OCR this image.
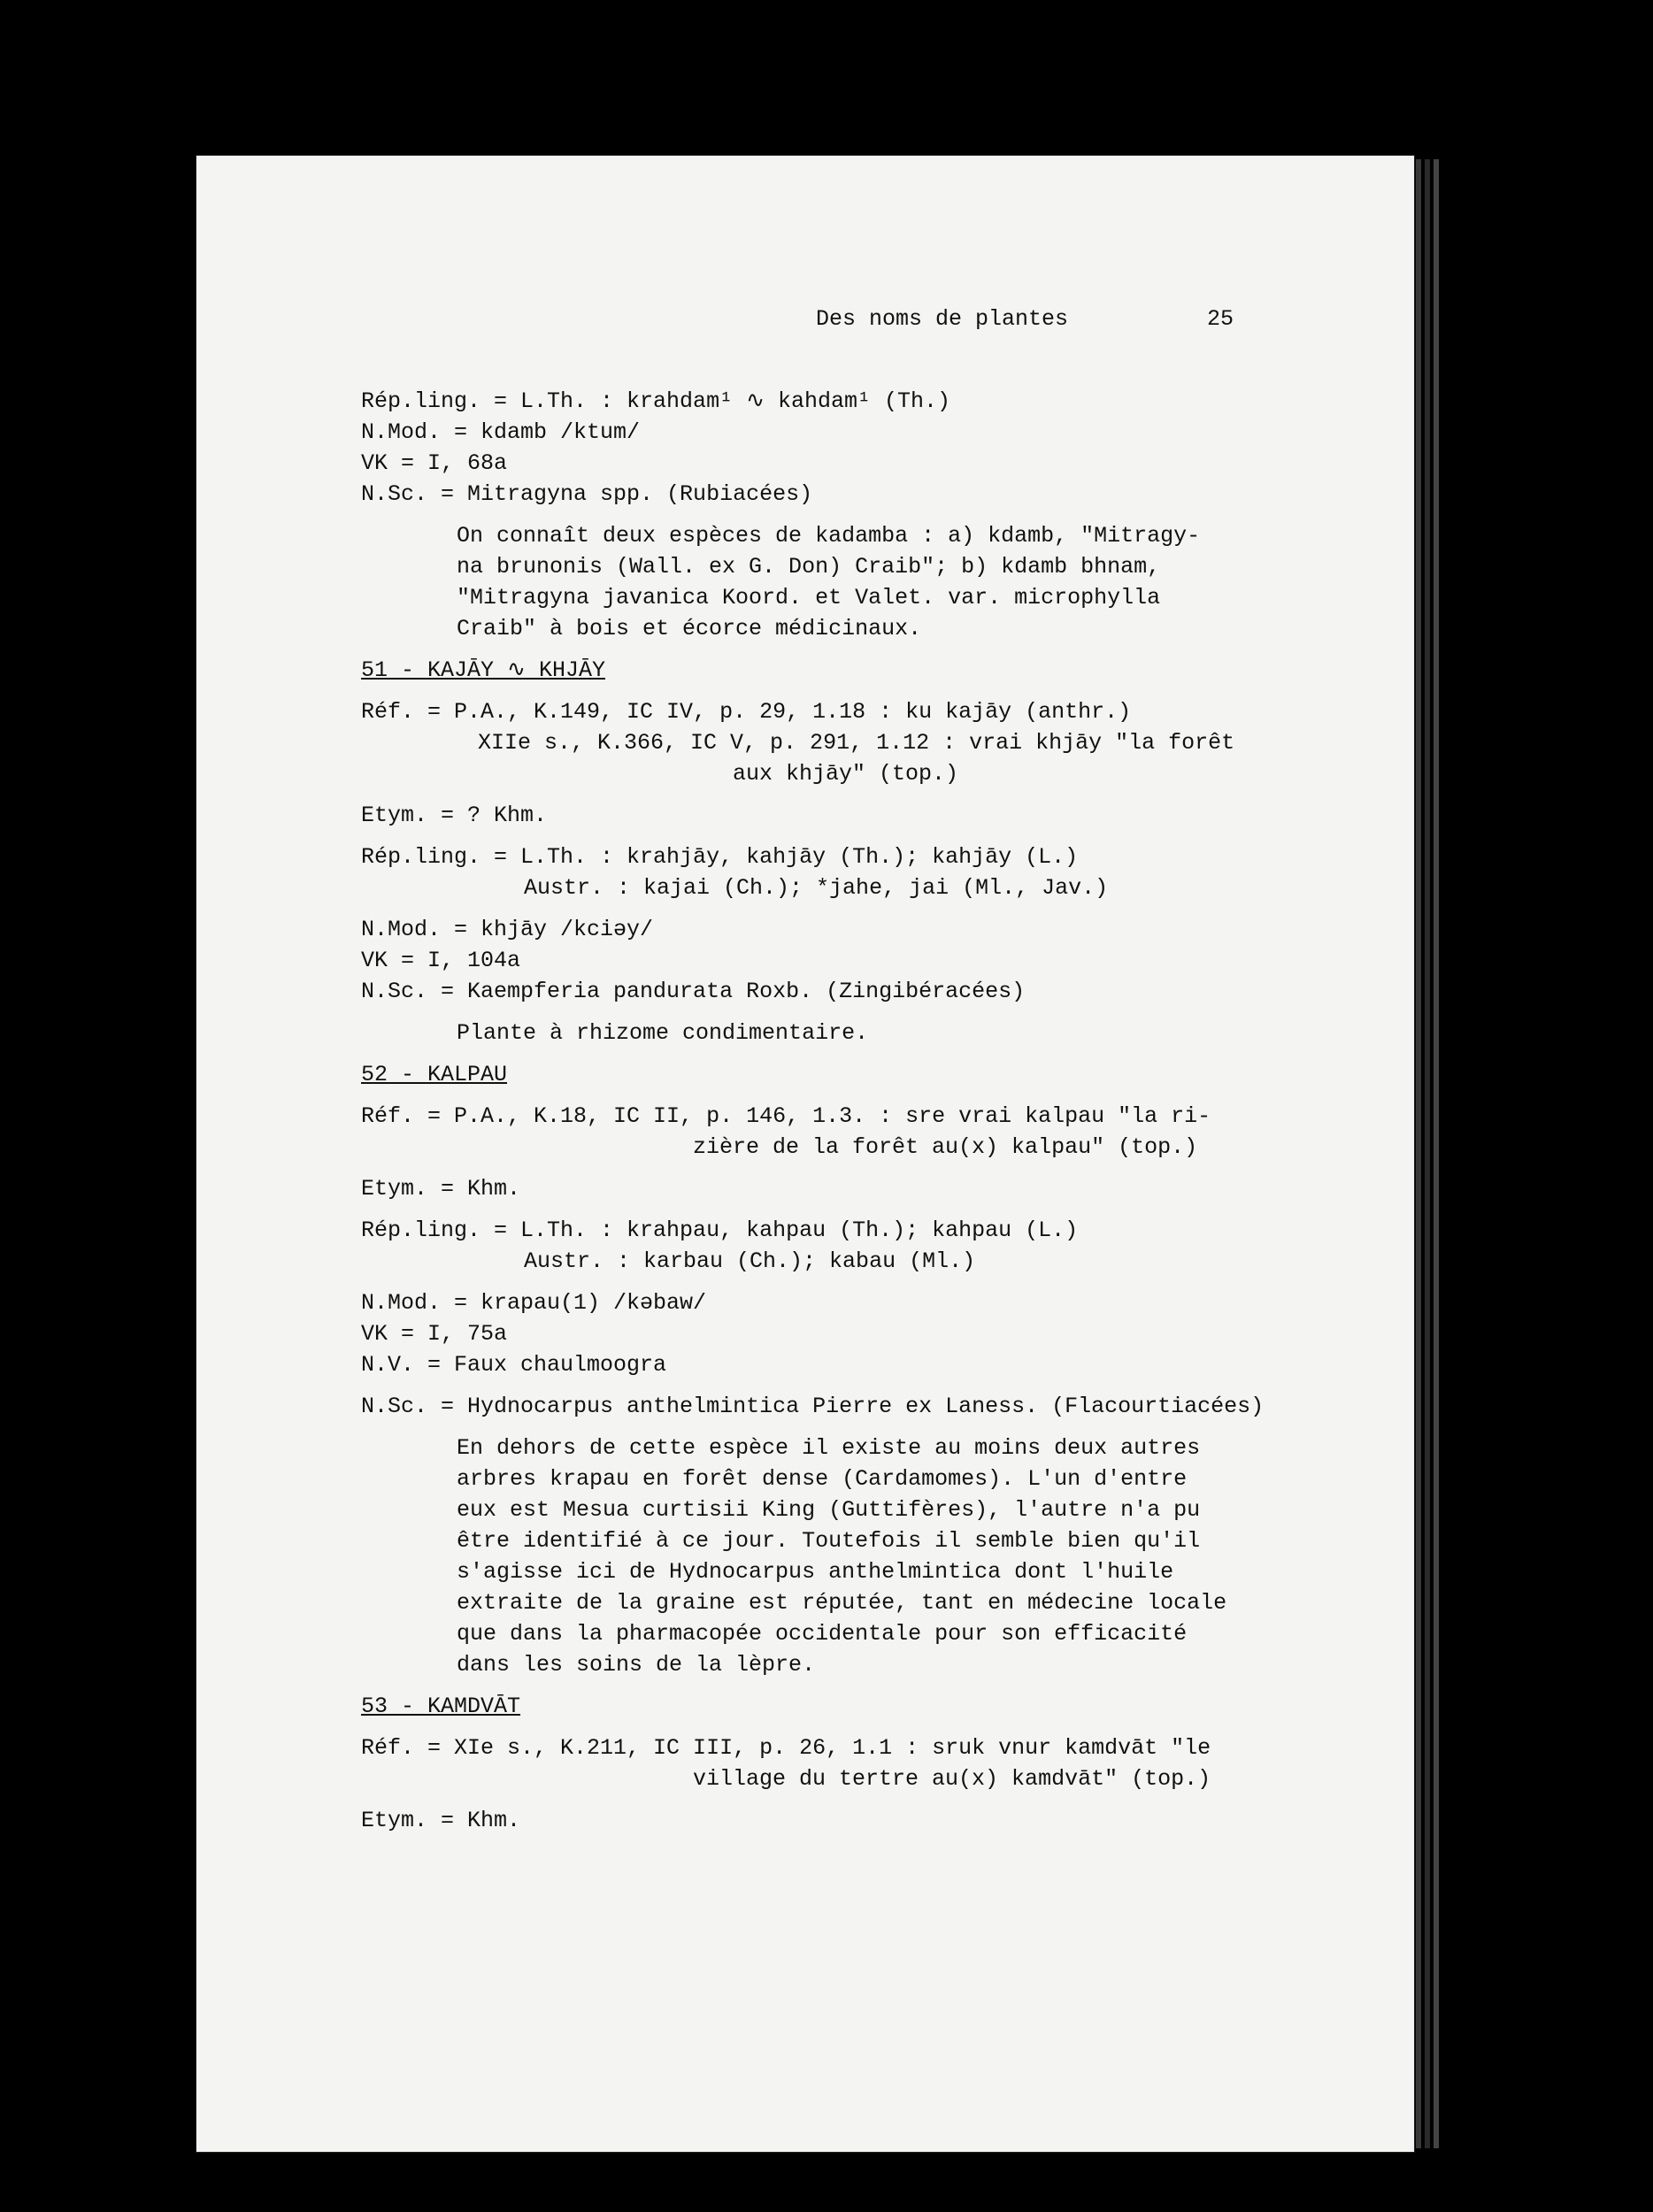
Des noms de plantes	25
Rép.ling. = L.Th. : krahdam¹ ∿ kahdam¹ (Th.)
N.Mod. = kdamb /ktum/
VK = I, 68a
N.Sc. = Mitragyna spp. (Rubiacées)
On connaît deux espèces de kadamba : a) kdamb, "Mitragy-
na brunonis (Wall. ex G. Don) Craib"; b) kdamb bhnam,
"Mitragyna javanica Koord. et Valet. var. microphylla
Craib" à bois et écorce médicinaux.
51 - KAJĀY ∿ KHJĀY
Réf. = P.A., K.149, IC IV, p. 29, 1.18 : ku kajāy (anthr.)
XIIe s., K.366, IC V, p. 291, 1.12 : vrai khjāy "la forêt
aux khjāy" (top.)
Etym. = ? Khm.
Rép.ling. = L.Th. : krahjāy, kahjāy (Th.); kahjāy (L.)
Austr. : kajai (Ch.); *jahe, jai (Ml., Jav.)
N.Mod. = khjāy /kciəy/
VK = I, 104a
N.Sc. = Kaempferia pandurata Roxb. (Zingibéracées)
Plante à rhizome condimentaire.
52 - KALPAU
Réf. = P.A., K.18, IC II, p. 146, 1.3. : sre vrai kalpau "la ri-
zière de la forêt au(x) kalpau" (top.)
Etym. = Khm.
Rép.ling. = L.Th. : krahpau, kahpau (Th.); kahpau (L.)
Austr. : karbau (Ch.); kabau (Ml.)
N.Mod. = krapau(1) /kəbaw/
VK = I, 75a
N.V. = Faux chaulmoogra
N.Sc. = Hydnocarpus anthelmintica Pierre ex Laness. (Flacourtiacées)
En dehors de cette espèce il existe au moins deux autres
arbres krapau en forêt dense (Cardamomes). L'un d'entre
eux est Mesua curtisii King (Guttifères), l'autre n'a pu
être identifié à ce jour. Toutefois il semble bien qu'il
s'agisse ici de Hydnocarpus anthelmintica dont l'huile
extraite de la graine est réputée, tant en médecine locale
que dans la pharmacopée occidentale pour son efficacité
dans les soins de la lèpre.
53 - KAMDVĀT
Réf. = XIe s., K.211, IC III, p. 26, 1.1 : sruk vnur kamdvāt "le
village du tertre au(x) kamdvāt" (top.)
Etym. = Khm.
